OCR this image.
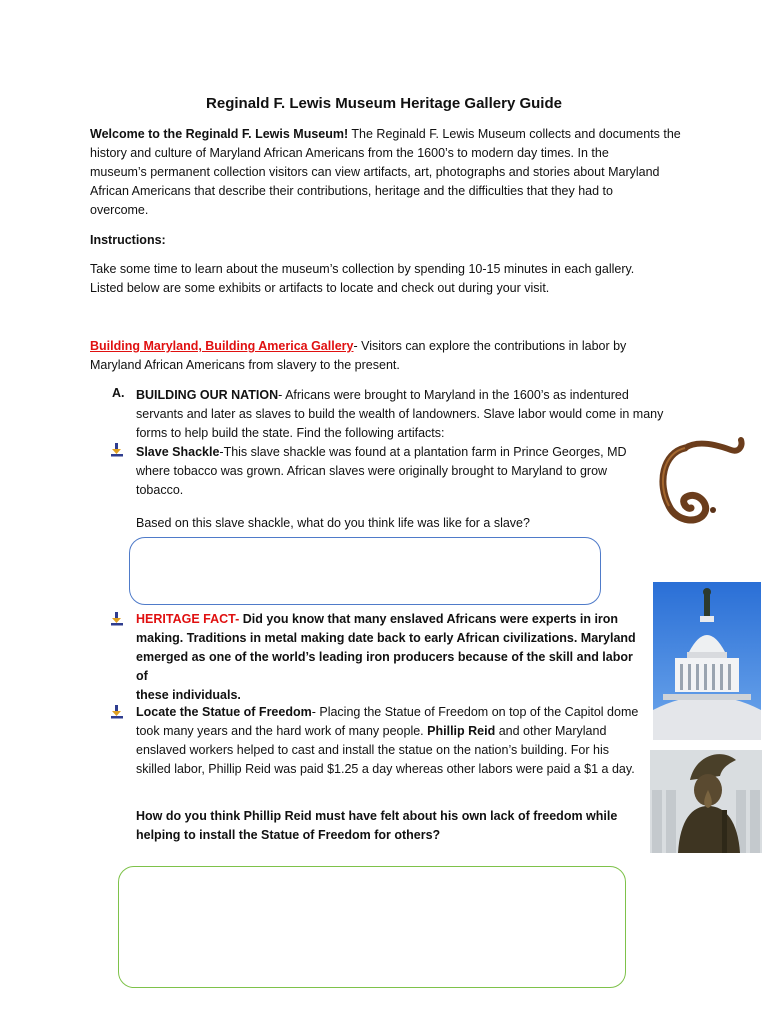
Reginald F. Lewis Museum Heritage Gallery Guide
Welcome to the Reginald F. Lewis Museum! The Reginald F. Lewis Museum collects and documents the
history and culture of Maryland African Americans from the 1600’s to modern day times. In the
museum’s permanent collection visitors can view artifacts, art, photographs and stories about Maryland
African Americans that describe their contributions, heritage and the difficulties that they had to
overcome.
Instructions:
Take some time to learn about the museum’s collection by spending 10-15 minutes in each gallery.
Listed below are some exhibits or artifacts to locate and check out during your visit.
Building Maryland, Building America Gallery- Visitors can explore the contributions in labor by
Maryland African Americans from slavery to the present.
A. BUILDING OUR NATION- Africans were brought to Maryland in the 1600’s as indentured
servants and later as slaves to build the wealth of landowners. Slave labor would come in many
forms to help build the state. Find the following artifacts:
Slave Shackle-This slave shackle was found at a plantation farm in Prince Georges, MD
where tobacco was grown. African slaves were originally brought to Maryland to grow
tobacco.
Based on this slave shackle, what do you think life was like for a slave?
HERITAGE FACT- Did you know that many enslaved Africans were experts in iron
making. Traditions in metal making date back to early African civilizations. Maryland
emerged as one of the world’s leading iron producers because of the skill and labor of
these individuals.
Locate the Statue of Freedom- Placing the Statue of Freedom on top of the Capitol dome
took many years and the hard work of many people. Phillip Reid and other Maryland
enslaved workers helped to cast and install the statue on the nation’s building. For his
skilled labor, Phillip Reid was paid $1.25 a day whereas other labors were paid a $1 a day.
How do you think Phillip Reid must have felt about his own lack of freedom while
helping to install the Statue of Freedom for others?
